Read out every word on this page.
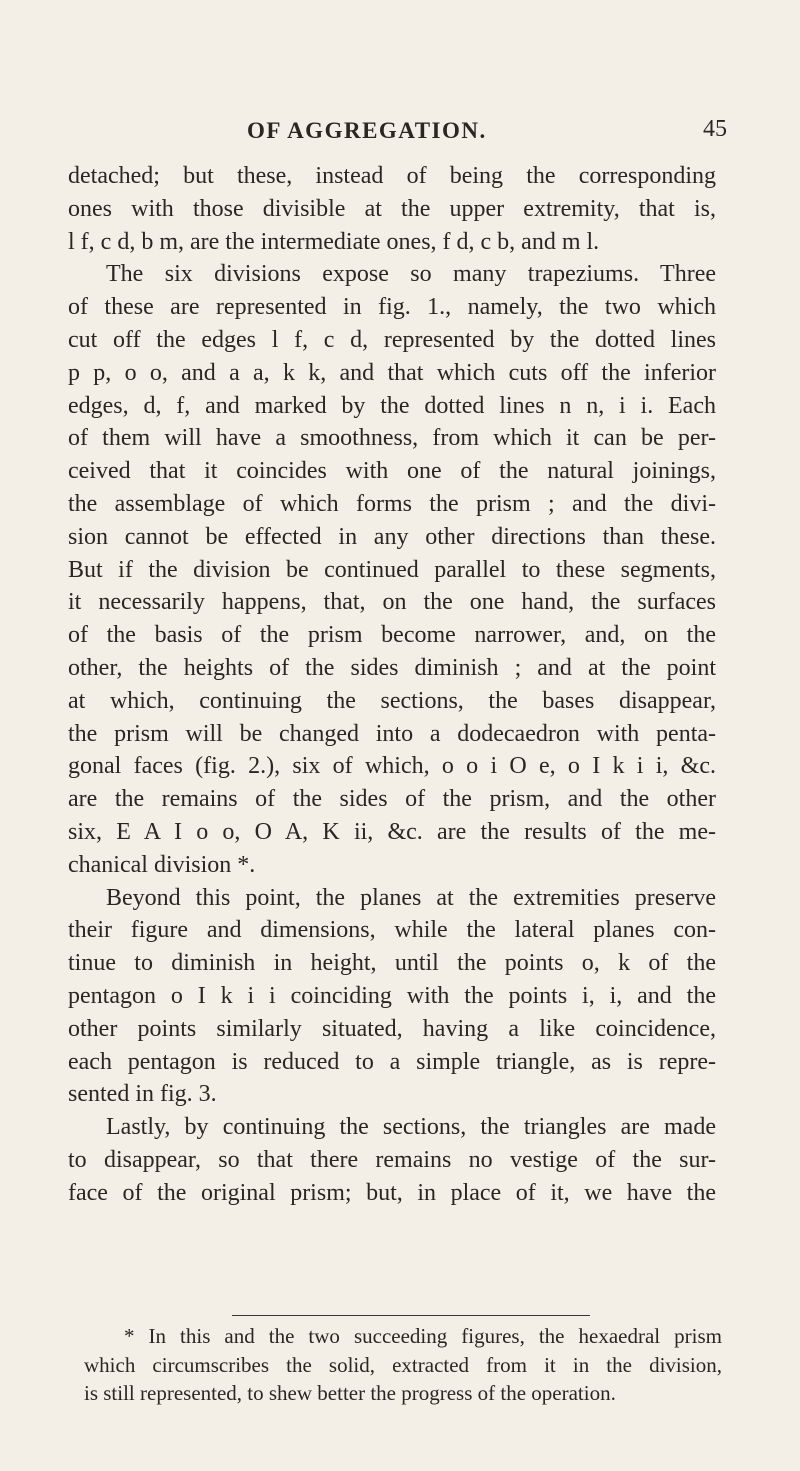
OF AGGREGATION.	45
detached; but these, instead of being the corresponding
ones with those divisible at the upper extremity, that is,
l f, c d, b m, are the intermediate ones, f d, c b, and m l.
The six divisions expose so many trapeziums. Three
of these are represented in fig. 1., namely, the two which
cut off the edges l f, c d, represented by the dotted lines
p p, o o, and a a, k k, and that which cuts off the inferior
edges, d, f, and marked by the dotted lines n n, i i. Each
of them will have a smoothness, from which it can be per-
ceived that it coincides with one of the natural joinings,
the assemblage of which forms the prism ; and the divi-
sion cannot be effected in any other directions than these.
But if the division be continued parallel to these segments,
it necessarily happens, that, on the one hand, the surfaces
of the basis of the prism become narrower, and, on the
other, the heights of the sides diminish ; and at the point
at which, continuing the sections, the bases disappear,
the prism will be changed into a dodecaedron with penta-
gonal faces (fig. 2.), six of which, o o i O e, o I k i i, &c.
are the remains of the sides of the prism, and the other
six, E A I o o, O A, K ii, &c. are the results of the me-
chanical division *.
Beyond this point, the planes at the extremities preserve
their figure and dimensions, while the lateral planes con-
tinue to diminish in height, until the points o, k of the
pentagon o I k i i coinciding with the points i, i, and the
other points similarly situated, having a like coincidence,
each pentagon is reduced to a simple triangle, as is repre-
sented in fig. 3.
Lastly, by continuing the sections, the triangles are made
to disappear, so that there remains no vestige of the sur-
face of the original prism; but, in place of it, we have the
* In this and the two succeeding figures, the hexaedral prism
which circumscribes the solid, extracted from it in the division,
is still represented, to shew better the progress of the operation.
